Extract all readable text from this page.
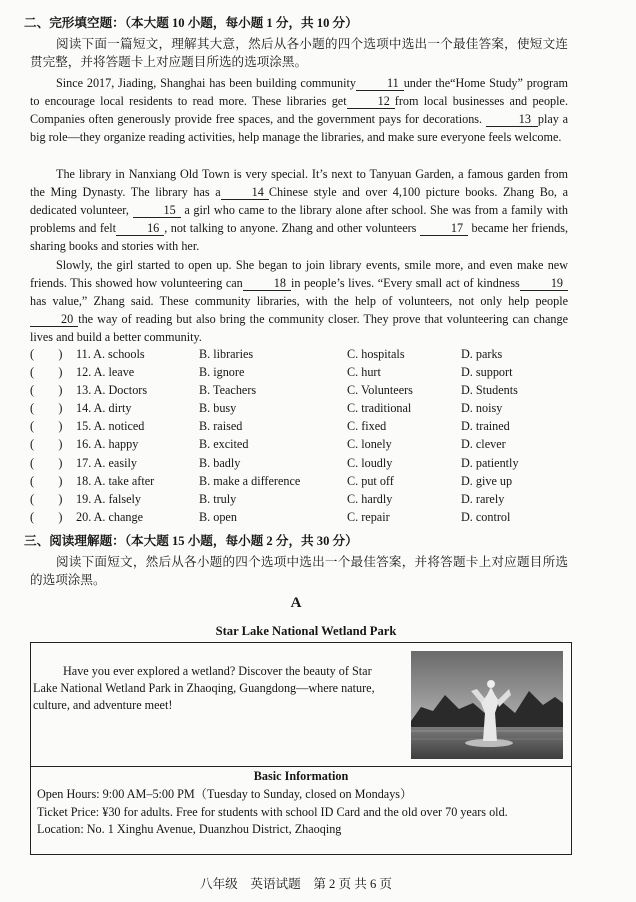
二、完形填空题：（本大题 10 小题，每小题 1 分，共 10 分）

阅读下面一篇短文，理解其大意，然后从各小题的四个选项中选出一个最佳答案，使短文连贯完整，并将答题卡上对应题目所选的选项涂黑。

Since 2017, Jiading, Shanghai has been building community	11 under the“Home Study” program to encourage local residents to read more. These libraries get	12 from local businesses and people. Companies often generously provide free spaces, and the government pays for decorations.	13 play a big role—they organize reading activities, help manage the libraries, and make sure everyone feels welcome.

The library in Nanxiang Old Town is very special. It’s next to Tanyuan Garden, a famous garden from the Ming Dynasty. The library has a	14 Chinese style and over 4,100 picture books. Zhang Bo, a dedicated volunteer,	15 a girl who came to the library alone after school. She was from a family with problems and felt	16 , not talking to anyone. Zhang and other volunteers	17 became her friends, sharing books and stories with her.

Slowly, the girl started to open up. She began to join library events, smile more, and even make new friends. This showed how volunteering can	18 in people’s lives. “Every small act of kindness	19has value,” Zhang said. These community libraries, with the help of volunteers, not only help people20 the way of reading but also bring the community closer. They prove that volunteering can change lives and build a better community.

(　　)	11. A. schools	B. libraries	C. hospitals	D. parks
(　　)	12. A. leave	B. ignore	C. hurt	D. support
(　　)	13. A. Doctors	B. Teachers	C. Volunteers	D. Students
(　　)	14. A. dirty	B. busy	C. traditional	D. noisy
(　　)	15. A. noticed	B. raised	C. fixed	D. trained
(　　)	16. A. happy	B. excited	C. lonely	D. clever
(　　)	17. A. easily	B. badly	C. loudly	D. patiently
(　　)	18. A. take after	B. make a difference	C. put off	D. give up
(　　)	19. A. falsely	B. truly	C. hardly	D. rarely
(　　)	20. A. change	B. open	C. repair	D. control
三、阅读理解题：（本大题 15 小题，每小题 2 分，共 30 分）

阅读下面短文，然后从各小题的四个选项中选出一个最佳答案，并将答题卡上对应题目所选的选项涂黑。

A
Star Lake National Wetland Park

Have you ever explored a wetland? Discover the beauty of Star Lake National Wetland Park in Zhaoqing, Guangdong—where nature, culture, and adventure meet!

Basic Information

Open Hours: 9:00 AM–5:00 PM（Tuesday to Sunday, closed on Mondays）
Ticket Price: ¥30 for adults. Free for students with school ID Card and the old over 70 years old.
Location: No. 1 Xinghu Avenue, Duanzhou District, Zhaoqing

八年级　英语试题　第 2 页 共 6 页
